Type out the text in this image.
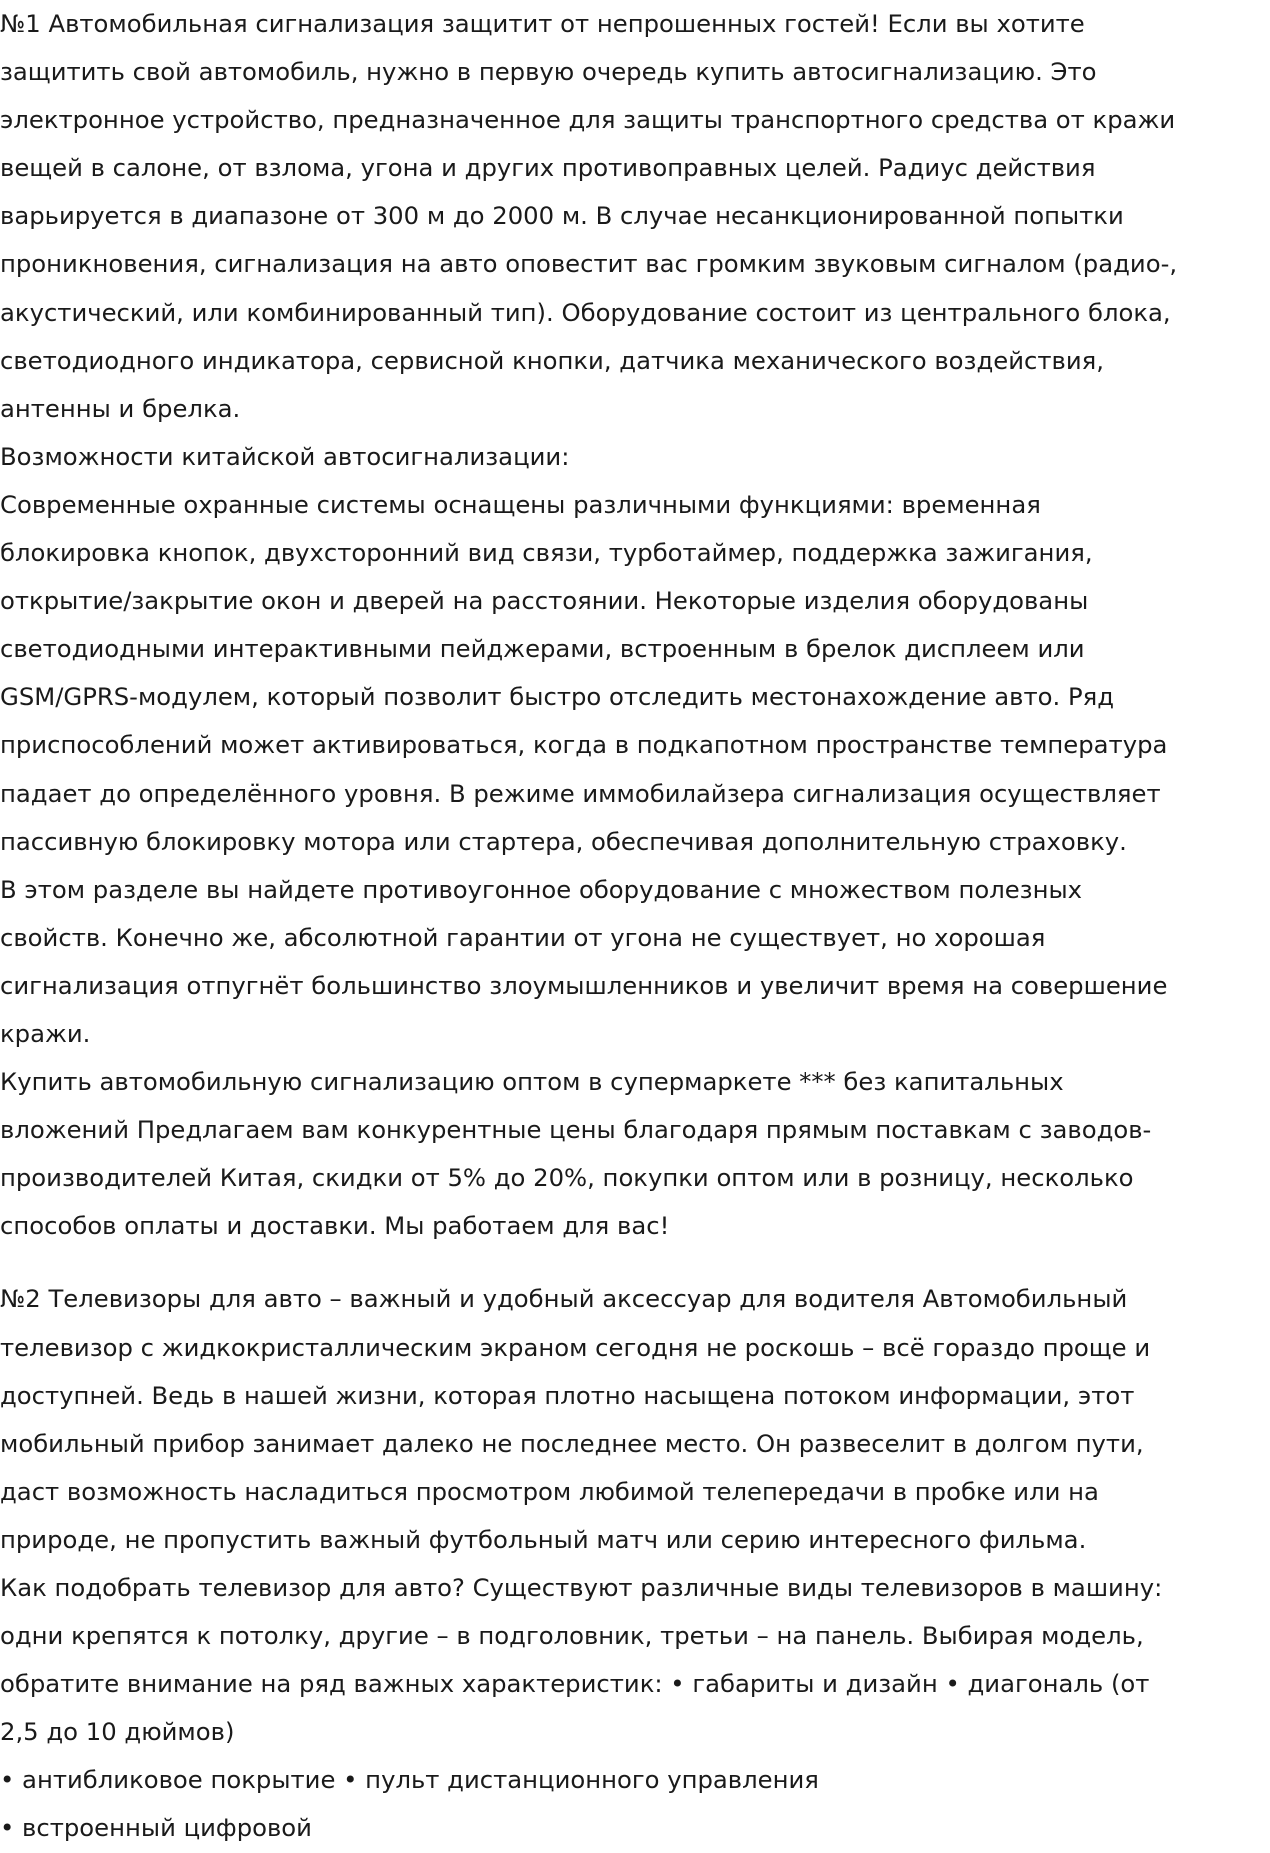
№1 Автомобильная сигнализация защитит от непрошенных гостей! Если вы хотите
защитить свой автомобиль, нужно в первую очередь купить автосигнализацию. Это
электронное устройство, предназначенное для защиты транспортного средства от кражи
вещей в салоне, от взлома, угона и других противоправных целей. Радиус действия
варьируется в диапазоне от 300 м до 2000 м. В случае несанкционированной попытки
проникновения, сигнализация на авто оповестит вас громким звуковым сигналом (радио-,
акустический, или комбинированный тип). Оборудование состоит из центрального блока,
светодиодного индикатора, сервисной кнопки, датчика механического воздействия,
антенны и брелка.

Возможности китайской автосигнализации:

Современные охранные системы оснащены различными функциями: временная
блокировка кнопок, двухсторонний вид связи, турботаймер, поддержка зажигания,
открытие/закрытие окон и дверей на расстоянии. Некоторые изделия оборудованы
светодиодными интерактивными пейджерами, встроенным в брелок дисплеем или
GSM/GPRS-модулем, который позволит быстро отследить местонахождение авто. Ряд
приспособлений может активироваться, когда в подкапотном пространстве температура
падает до определённого уровня. В режиме иммобилайзера сигнализация осуществляет
пассивную блокировку мотора или стартера, обеспечивая дополнительную страховку.

В этом разделе вы найдете противоугонное оборудование с множеством полезных
свойств. Конечно же, абсолютной гарантии от угона не существует, но хорошая
сигнализация отпугнёт большинство злоумышленников и увеличит время на совершение
кражи.

Купить автомобильную сигнализацию оптом в супермаркете *** без капитальных
вложений Предлагаем вам конкурентные цены благодаря прямым поставкам с заводов-
производителей Китая, скидки от 5% до 20%, покупки оптом или в розницу, несколько
способов оплаты и доставки. Мы работаем для вас!

№2 Телевизоры для авто – важный и удобный аксессуар для водителя Автомобильный
телевизор с жидкокристаллическим экраном сегодня не роскошь – всё гораздо проще и
доступней. Ведь в нашей жизни, которая плотно насыщена потоком информации, этот
мобильный прибор занимает далеко не последнее место. Он развеселит в долгом пути,
даст возможность насладиться просмотром любимой телепередачи в пробке или на
природе, не пропустить важный футбольный матч или серию интересного фильма.

Как подобрать телевизор для авто? Существуют различные виды телевизоров в машину:
одни крепятся к потолку, другие – в подголовник, третьи – на панель. Выбирая модель,
обратите внимание на ряд важных характеристик: • габариты и дизайн • диагональ (от
2,5 до 10 дюймов)

• антибликовое покрытие • пульт дистанционного управления

• встроенный цифровой
